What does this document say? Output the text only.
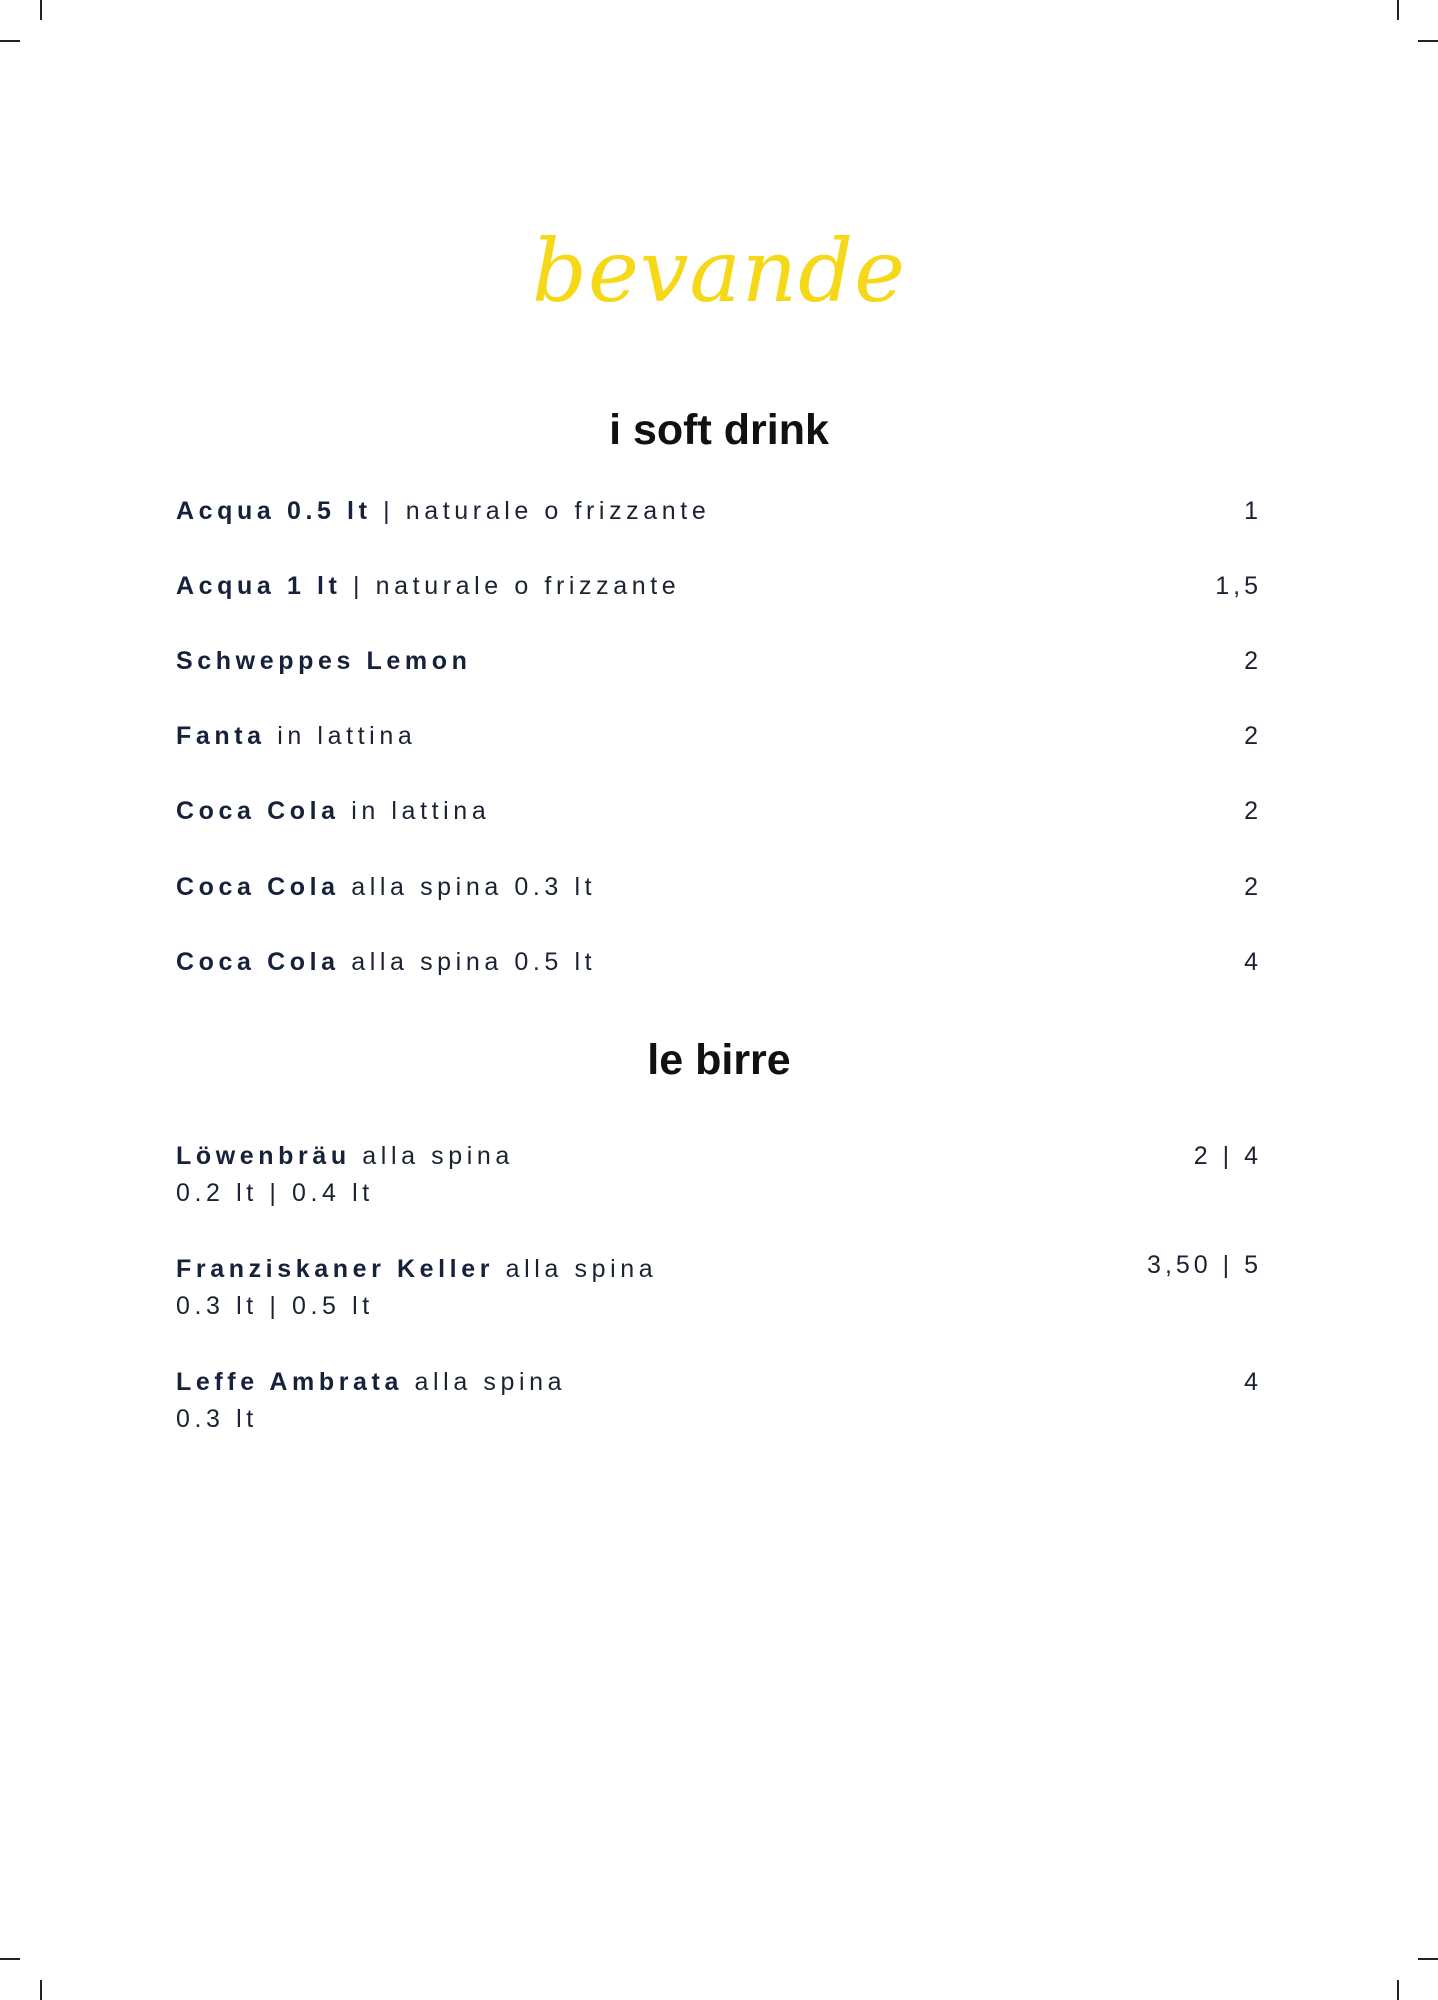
bevande
i soft drink
Acqua 0.5 lt | naturale o frizzante	1
Acqua 1 lt | naturale o frizzante	1,5
Schweppes Lemon	2
Fanta in lattina	2
Coca Cola in lattina	2
Coca Cola alla spina 0.3 lt	2
Coca Cola alla spina 0.5 lt	4
le birre
Löwenbräu alla spina
0.2 lt | 0.4 lt
2 | 4
Franziskaner Keller alla spina
0.3 lt | 0.5 lt
3,50 | 5
Leffe Ambrata alla spina
0.3 lt
4
